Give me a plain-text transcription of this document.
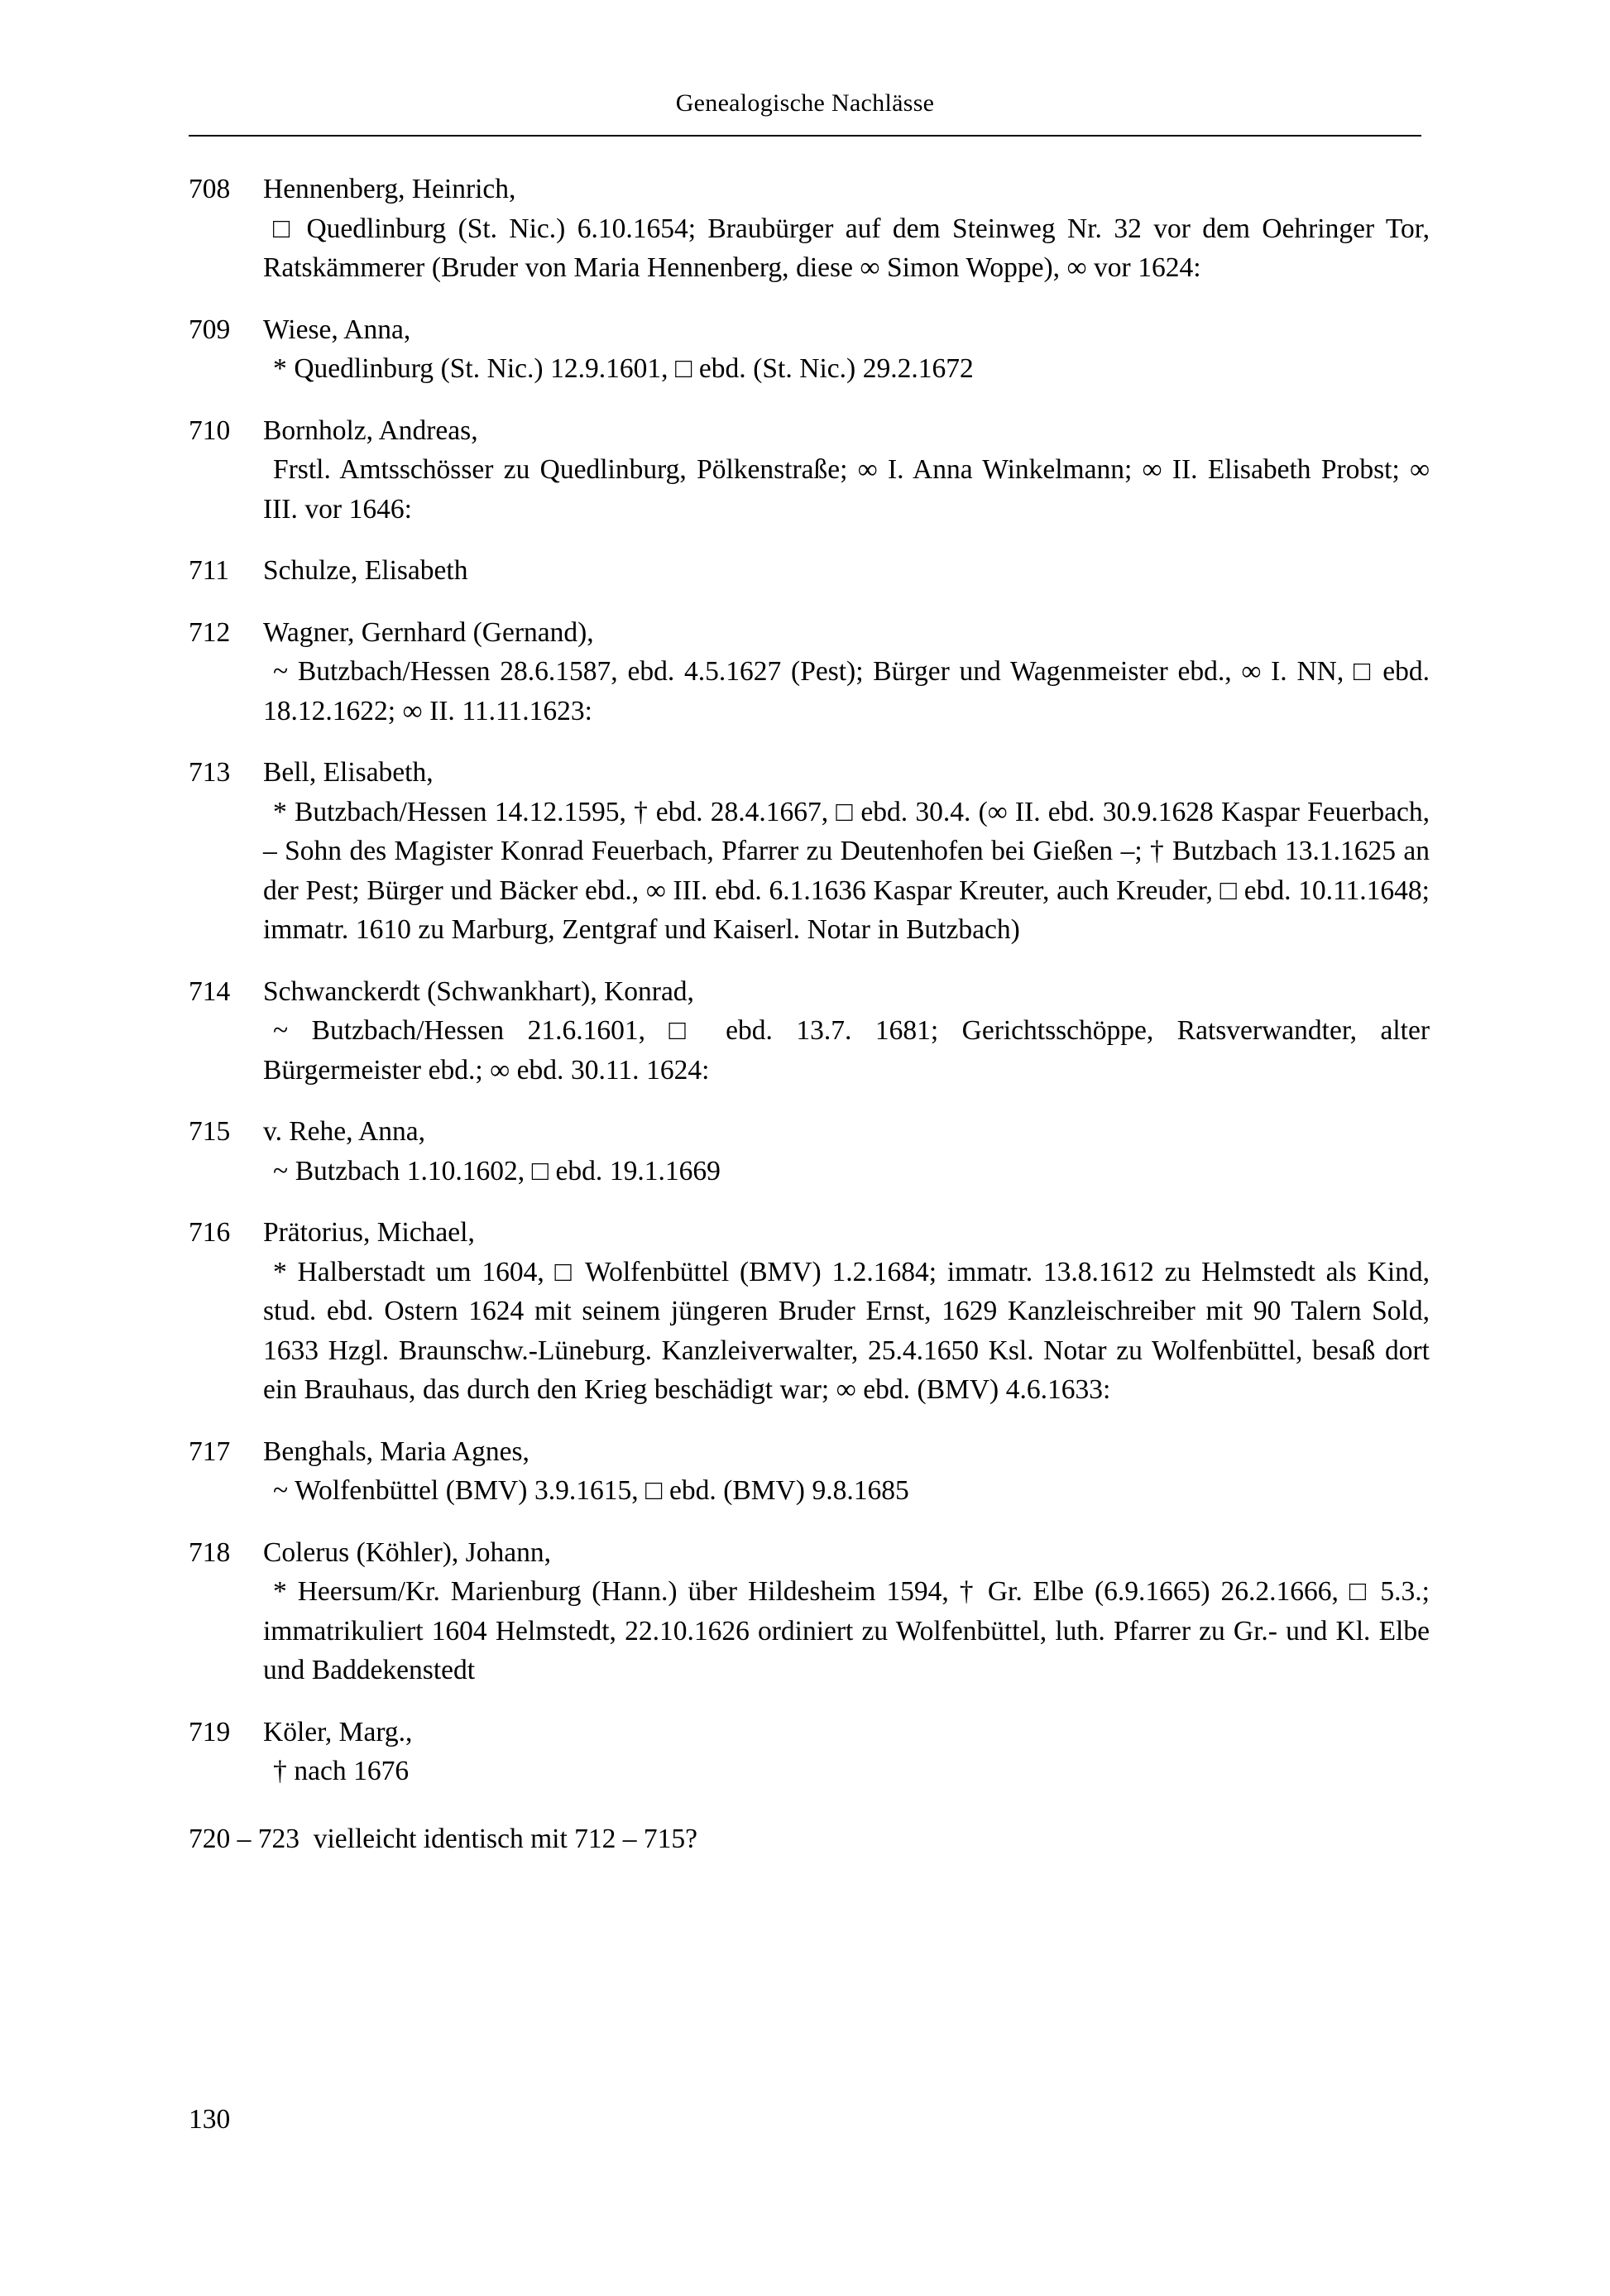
Genealogische Nachlässe
708	Hennenberg, Heinrich,
□ Quedlinburg (St. Nic.) 6.10.1654; Braubürger auf dem Steinweg Nr. 32 vor dem Oehringer Tor, Ratskämmerer (Bruder von Maria Hennenberg, diese ∞ Simon Woppe), ∞ vor 1624:
709	Wiese, Anna,
* Quedlinburg (St. Nic.) 12.9.1601, □ ebd. (St. Nic.) 29.2.1672
710	Bornholz, Andreas,
Frstl. Amtsschösser zu Quedlinburg, Pölkenstraße; ∞ I. Anna Winkelmann; ∞ II. Elisabeth Probst; ∞ III. vor 1646:
711	Schulze, Elisabeth
712	Wagner, Gernhard (Gernand),
~ Butzbach/Hessen 28.6.1587, ebd. 4.5.1627 (Pest); Bürger und Wagenmeister ebd., ∞ I. NN, □ ebd. 18.12.1622; ∞ II. 11.11.1623:
713	Bell, Elisabeth,
* Butzbach/Hessen 14.12.1595, † ebd. 28.4.1667, □ ebd. 30.4. (∞ II. ebd. 30.9.1628 Kaspar Feuerbach, – Sohn des Magister Konrad Feuerbach, Pfarrer zu Deutenhofen bei Gießen –; † Butzbach 13.1.1625 an der Pest; Bürger und Bäcker ebd., ∞ III. ebd. 6.1.1636 Kaspar Kreuter, auch Kreuder, □ ebd. 10.11.1648; immatr. 1610 zu Marburg, Zentgraf und Kaiserl. Notar in Butzbach)
714	Schwanckerdt (Schwankhart), Konrad,
~ Butzbach/Hessen 21.6.1601, □ ebd. 13.7. 1681; Gerichtsschöppe, Ratsverwandter, alter Bürgermeister ebd.; ∞ ebd. 30.11. 1624:
715	v. Rehe, Anna,
~ Butzbach 1.10.1602, □ ebd. 19.1.1669
716	Prätorius, Michael,
* Halberstadt um 1604, □ Wolfenbüttel (BMV) 1.2.1684; immatr. 13.8.1612 zu Helmstedt als Kind, stud. ebd. Ostern 1624 mit seinem jüngeren Bruder Ernst, 1629 Kanzleischreiber mit 90 Talern Sold, 1633 Hzgl. Braunschw.-Lüneburg. Kanzleiverwalter, 25.4.1650 Ksl. Notar zu Wolfenbüttel, besaß dort ein Brauhaus, das durch den Krieg beschädigt war; ∞ ebd. (BMV) 4.6.1633:
717	Benghals, Maria Agnes,
~ Wolfenbüttel (BMV) 3.9.1615, □ ebd. (BMV) 9.8.1685
718	Colerus (Köhler), Johann,
* Heersum/Kr. Marienburg (Hann.) über Hildesheim 1594, † Gr. Elbe (6.9.1665) 26.2.1666, □ 5.3.; immatrikuliert 1604 Helmstedt, 22.10.1626 ordiniert zu Wolfenbüttel, luth. Pfarrer zu Gr.- und Kl. Elbe und Baddekenstedt
719	Köler, Marg.,
† nach 1676
720 – 723  vielleicht identisch mit 712 – 715?
130
